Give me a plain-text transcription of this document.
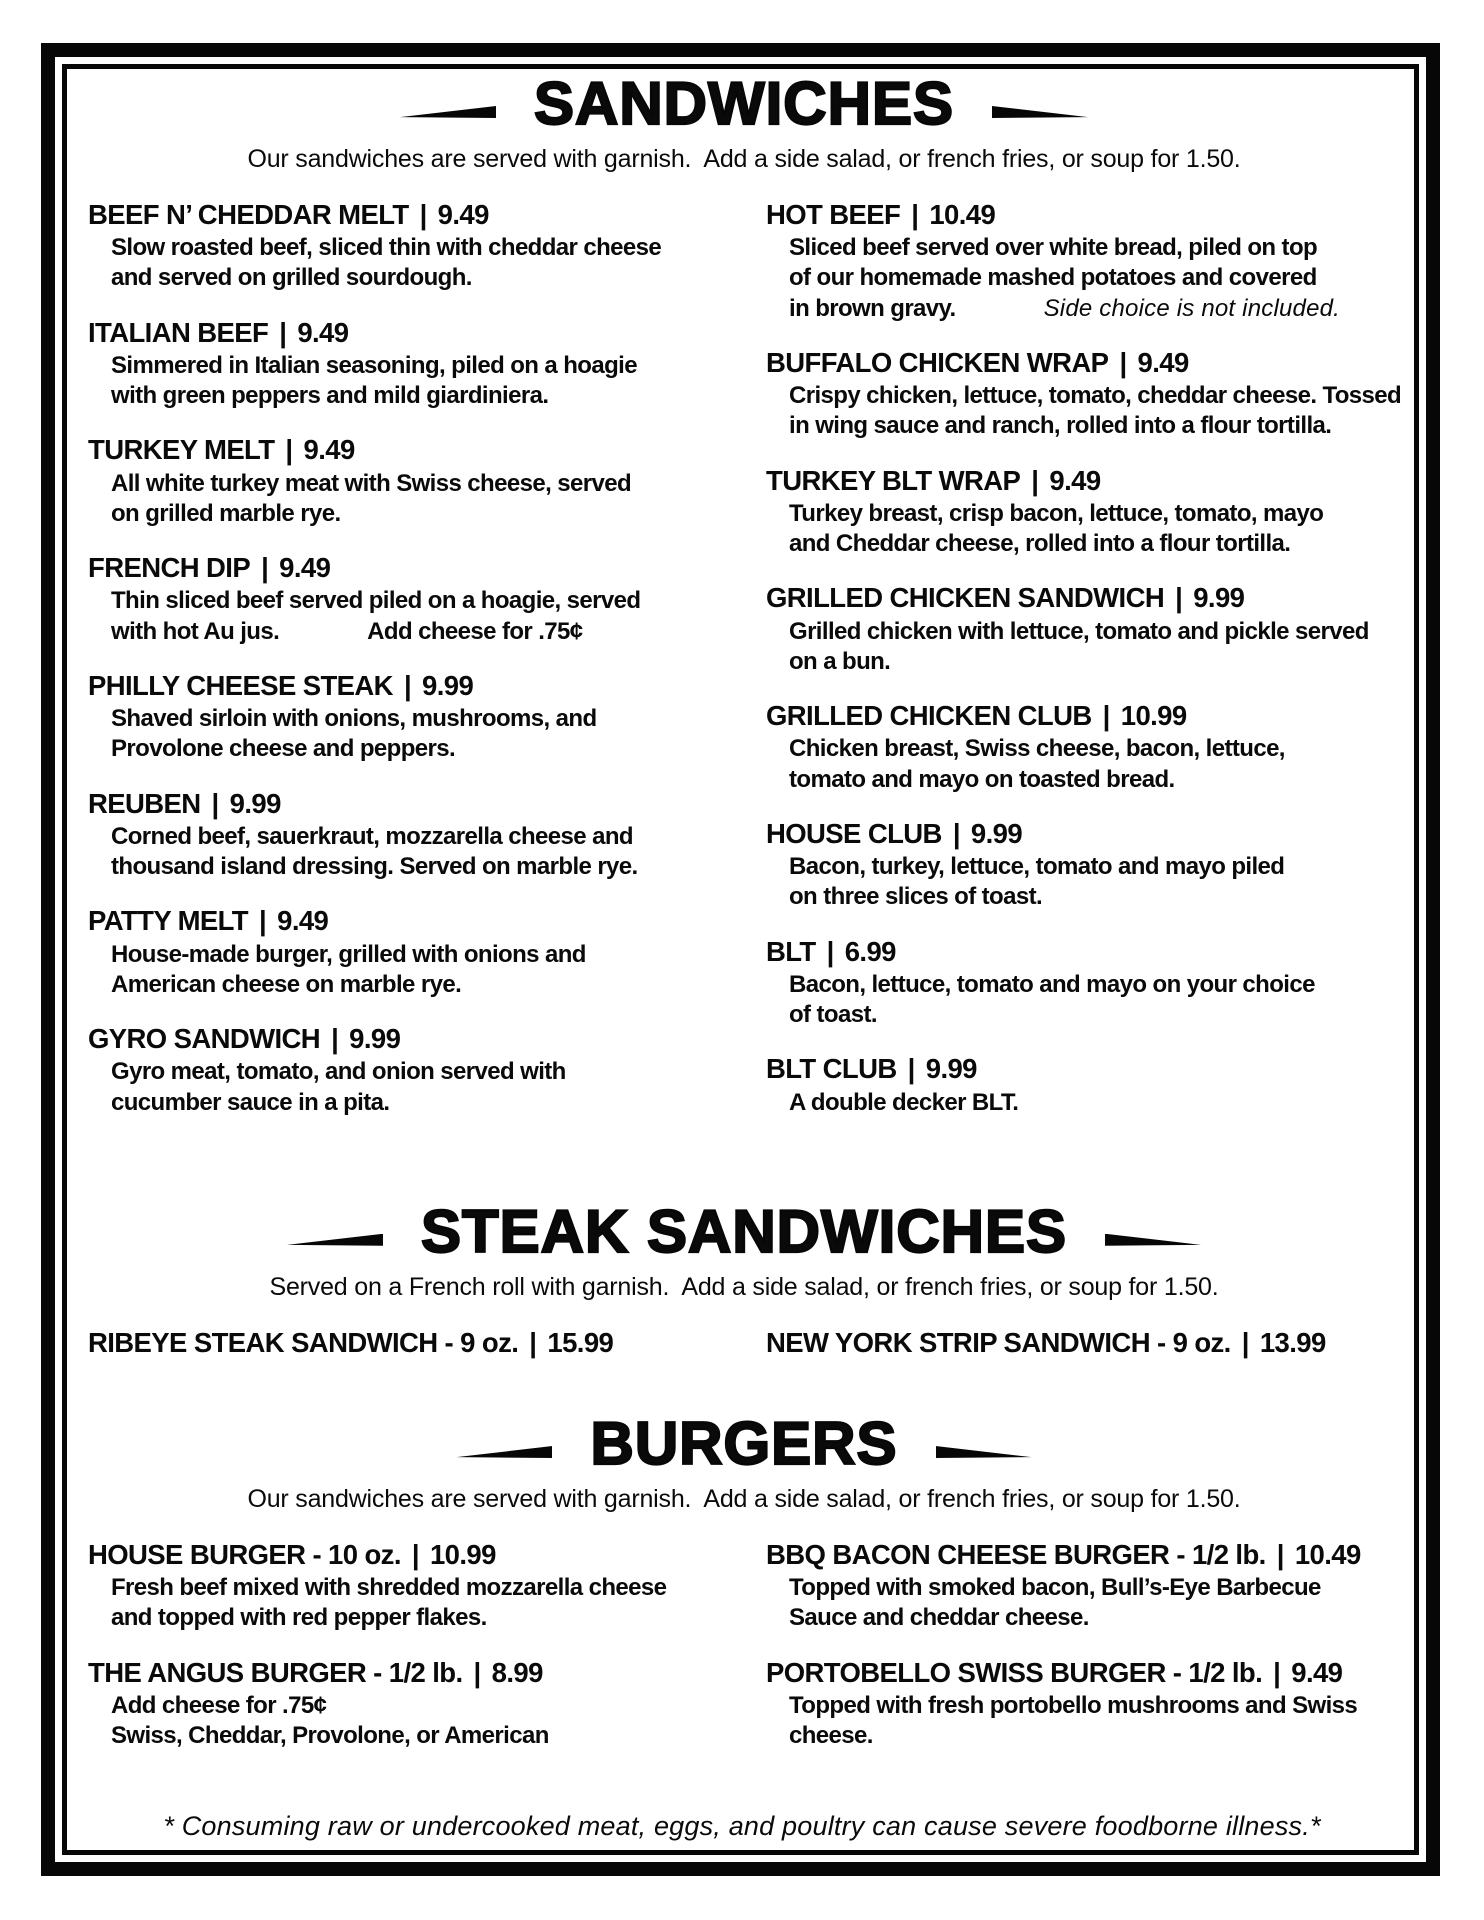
SANDWICHES

Our sandwiches are served with garnish.  Add a side salad, or french fries, or soup for 1.50.

BEEF N’ CHEDDAR MELT | 9.49
Slow roasted beef, sliced thin with cheddar cheese
and served on grilled sourdough.
ITALIAN BEEF | 9.49
Simmered in Italian seasoning, piled on a hoagie
with green peppers and mild giardiniera.
TURKEY MELT | 9.49
All white turkey meat with Swiss cheese, served
on grilled marble rye.
FRENCH DIP | 9.49
Thin sliced beef served piled on a hoagie, served
with hot Au jus.	Add cheese for .75¢
PHILLY CHEESE STEAK | 9.99
Shaved sirloin with onions, mushrooms, and
Provolone cheese and peppers.
REUBEN | 9.99
Corned beef, sauerkraut, mozzarella cheese and
thousand island dressing. Served on marble rye.
PATTY MELT | 9.49
House-made burger, grilled with onions and
American cheese on marble rye.
GYRO SANDWICH | 9.99
Gyro meat, tomato, and onion served with
cucumber sauce in a pita.
HOT BEEF | 10.49
Sliced beef served over white bread, piled on top
of our homemade mashed potatoes and covered
in brown gravy.	Side choice is not included.
BUFFALO CHICKEN WRAP | 9.49
Crispy chicken, lettuce, tomato, cheddar cheese. Tossed
in wing sauce and ranch, rolled into a flour tortilla.
TURKEY BLT WRAP | 9.49
Turkey breast, crisp bacon, lettuce, tomato, mayo
and Cheddar cheese, rolled into a flour tortilla.
GRILLED CHICKEN SANDWICH | 9.99
Grilled chicken with lettuce, tomato and pickle served
on a bun.
GRILLED CHICKEN CLUB | 10.99
Chicken breast, Swiss cheese, bacon, lettuce,
tomato and mayo on toasted bread.
HOUSE CLUB | 9.99
Bacon, turkey, lettuce, tomato and mayo piled
on three slices of toast.
BLT | 6.99
Bacon, lettuce, tomato and mayo on your choice
of toast.
BLT CLUB | 9.99
A double decker BLT.
STEAK SANDWICHES

Served on a French roll with garnish.  Add a side salad, or french fries, or soup for 1.50.

RIBEYE STEAK SANDWICH - 9 oz. | 15.99	NEW YORK STRIP SANDWICH - 9 oz. | 13.99
BURGERS

Our sandwiches are served with garnish.  Add a side salad, or french fries, or soup for 1.50.

HOUSE BURGER - 10 oz. | 10.99
Fresh beef mixed with shredded mozzarella cheese
and topped with red pepper flakes.
THE ANGUS BURGER - 1/2 lb. | 8.99
Add cheese for .75¢
Swiss, Cheddar, Provolone, or American
BBQ BACON CHEESE BURGER - 1/2 lb. | 10.49
Topped with smoked bacon, Bull’s-Eye Barbecue
Sauce and cheddar cheese.
PORTOBELLO SWISS BURGER - 1/2 lb. | 9.49
Topped with fresh portobello mushrooms and Swiss
cheese.
* Consuming raw or undercooked meat, eggs, and poultry can cause severe foodborne illness.*
